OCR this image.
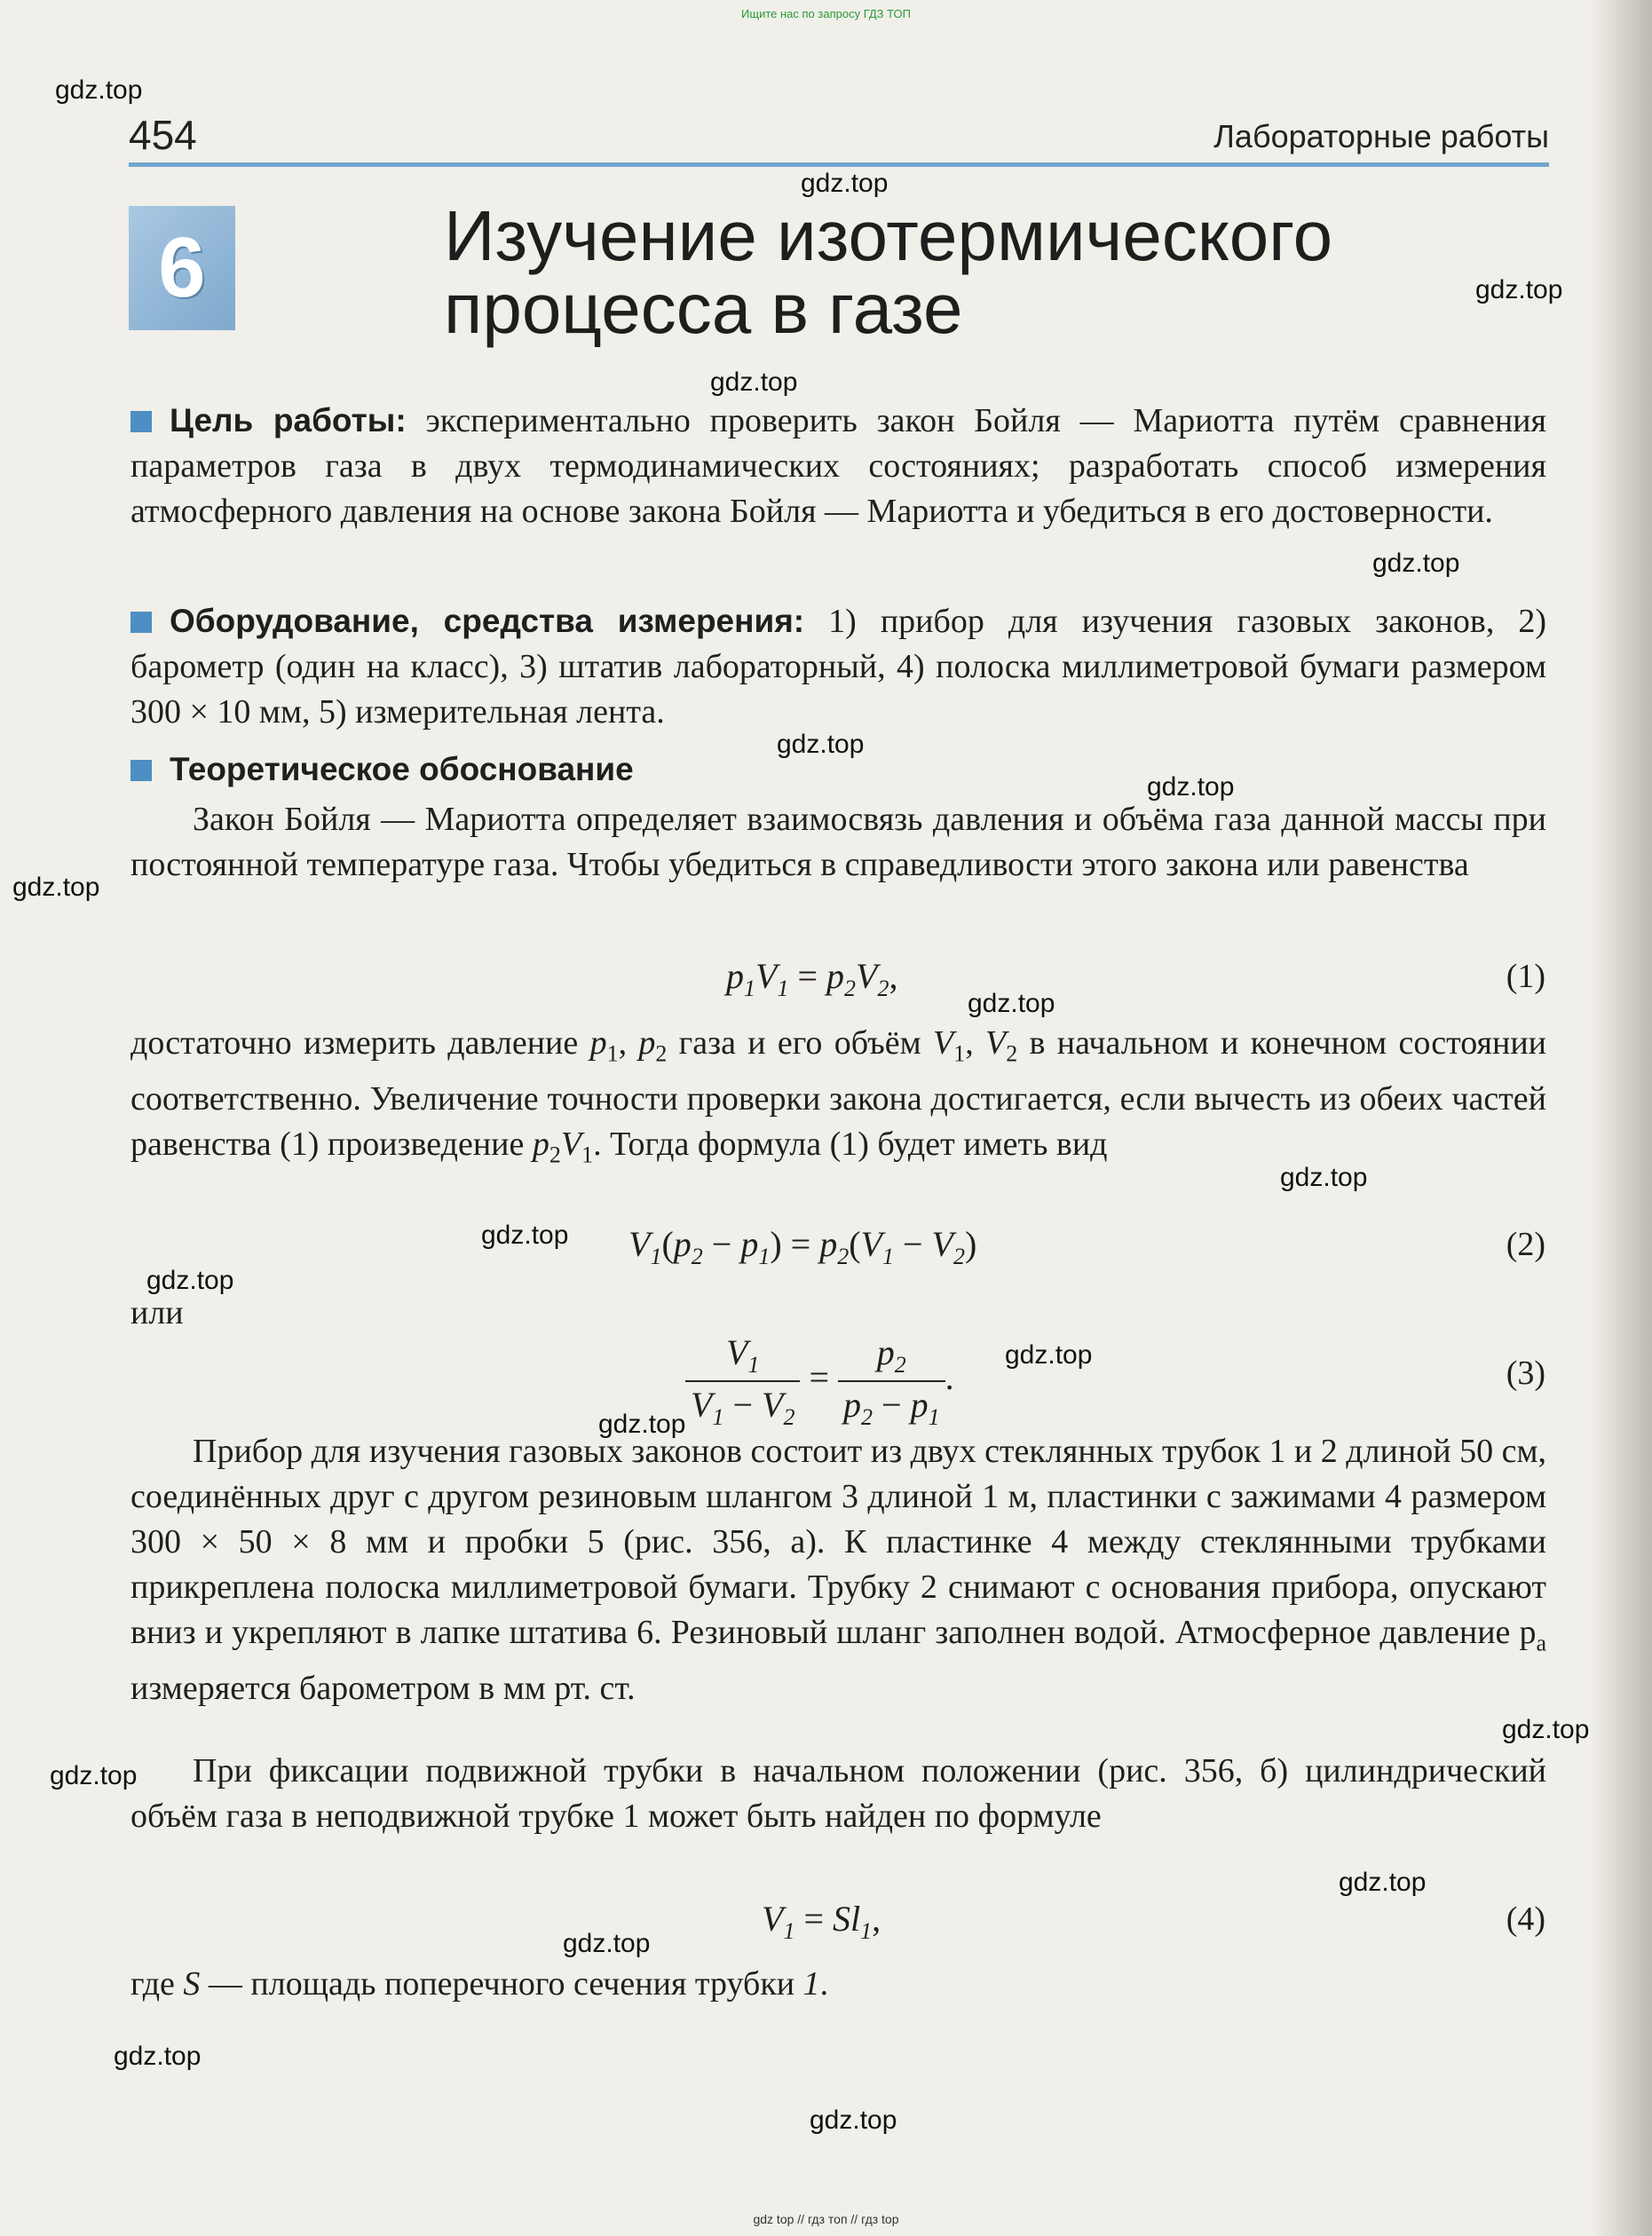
Ищите нас по запросу ГДЗ ТОП
gdz.top
gdz.top
gdz.top
gdz.top
gdz.top
gdz.top
gdz.top
gdz.top
gdz.top
gdz.top
gdz.top
gdz.top
gdz.top
gdz.top
gdz.top
gdz.top
gdz.top
gdz.top
gdz.top
gdz.top
454	Лабораторные работы
6	Изучение изотермического
процесса в газе
Цель работы: экспериментально проверить закон Бойля — Мариотта путём сравнения параметров газа в двух термодинамических состояниях; разработать способ измерения атмосферного давления на основе закона Бойля — Мариотта и убедиться в его достоверности.
Оборудование, средства измерения: 1) прибор для изучения газовых законов, 2) барометр (один на класс), 3) штатив лабораторный, 4) полоска миллиметровой бумаги размером 300 × 10 мм, 5) измерительная лента.
Теоретическое обоснование
Закон Бойля — Мариотта определяет взаимосвязь давления и объёма газа данной массы при постоянной температуре газа. Чтобы убедиться в справедливости этого закона или равенства
$p_1V_1 = p_2V_2$,	(1)
достаточно измерить давление $p_1$, $p_2$ газа и его объём $V_1$, $V_2$ в начальном и конечном состоянии соответственно. Увеличение точности проверки закона достигается, если вычесть из обеих частей равенства (1) произведение $p_2V_1$. Тогда формула (1) будет иметь вид
$V_1(p_2 - p_1) = p_2(V_1 - V_2)$	(2)
или
$\frac{V_1}{V_1 - V_2} = \frac{p_2}{p_2 - p_1}$ .	(3)
Прибор для изучения газовых законов состоит из двух стеклянных трубок 1 и 2 длиной 50 см, соединённых друг с другом резиновым шлангом 3 длиной 1 м, пластинки с зажимами 4 размером 300 × 50 × 8 мм и пробки 5 (рис. 356, а). К пластинке 4 между стеклянными трубками прикреплена полоска миллиметровой бумаги. Трубку 2 снимают с основания прибора, опускают вниз и укрепляют в лапке штатива 6. Резиновый шланг заполнен водой. Атмосферное давление $p_a$ измеряется барометром в мм рт. ст.
При фиксации подвижной трубки в начальном положении (рис. 356, б) цилиндрический объём газа в неподвижной трубке 1 может быть найден по формуле
$V_1 = Sl_1$,	(4)
где S — площадь поперечного сечения трубки 1.
gdz top // гдз топ // гдз top
